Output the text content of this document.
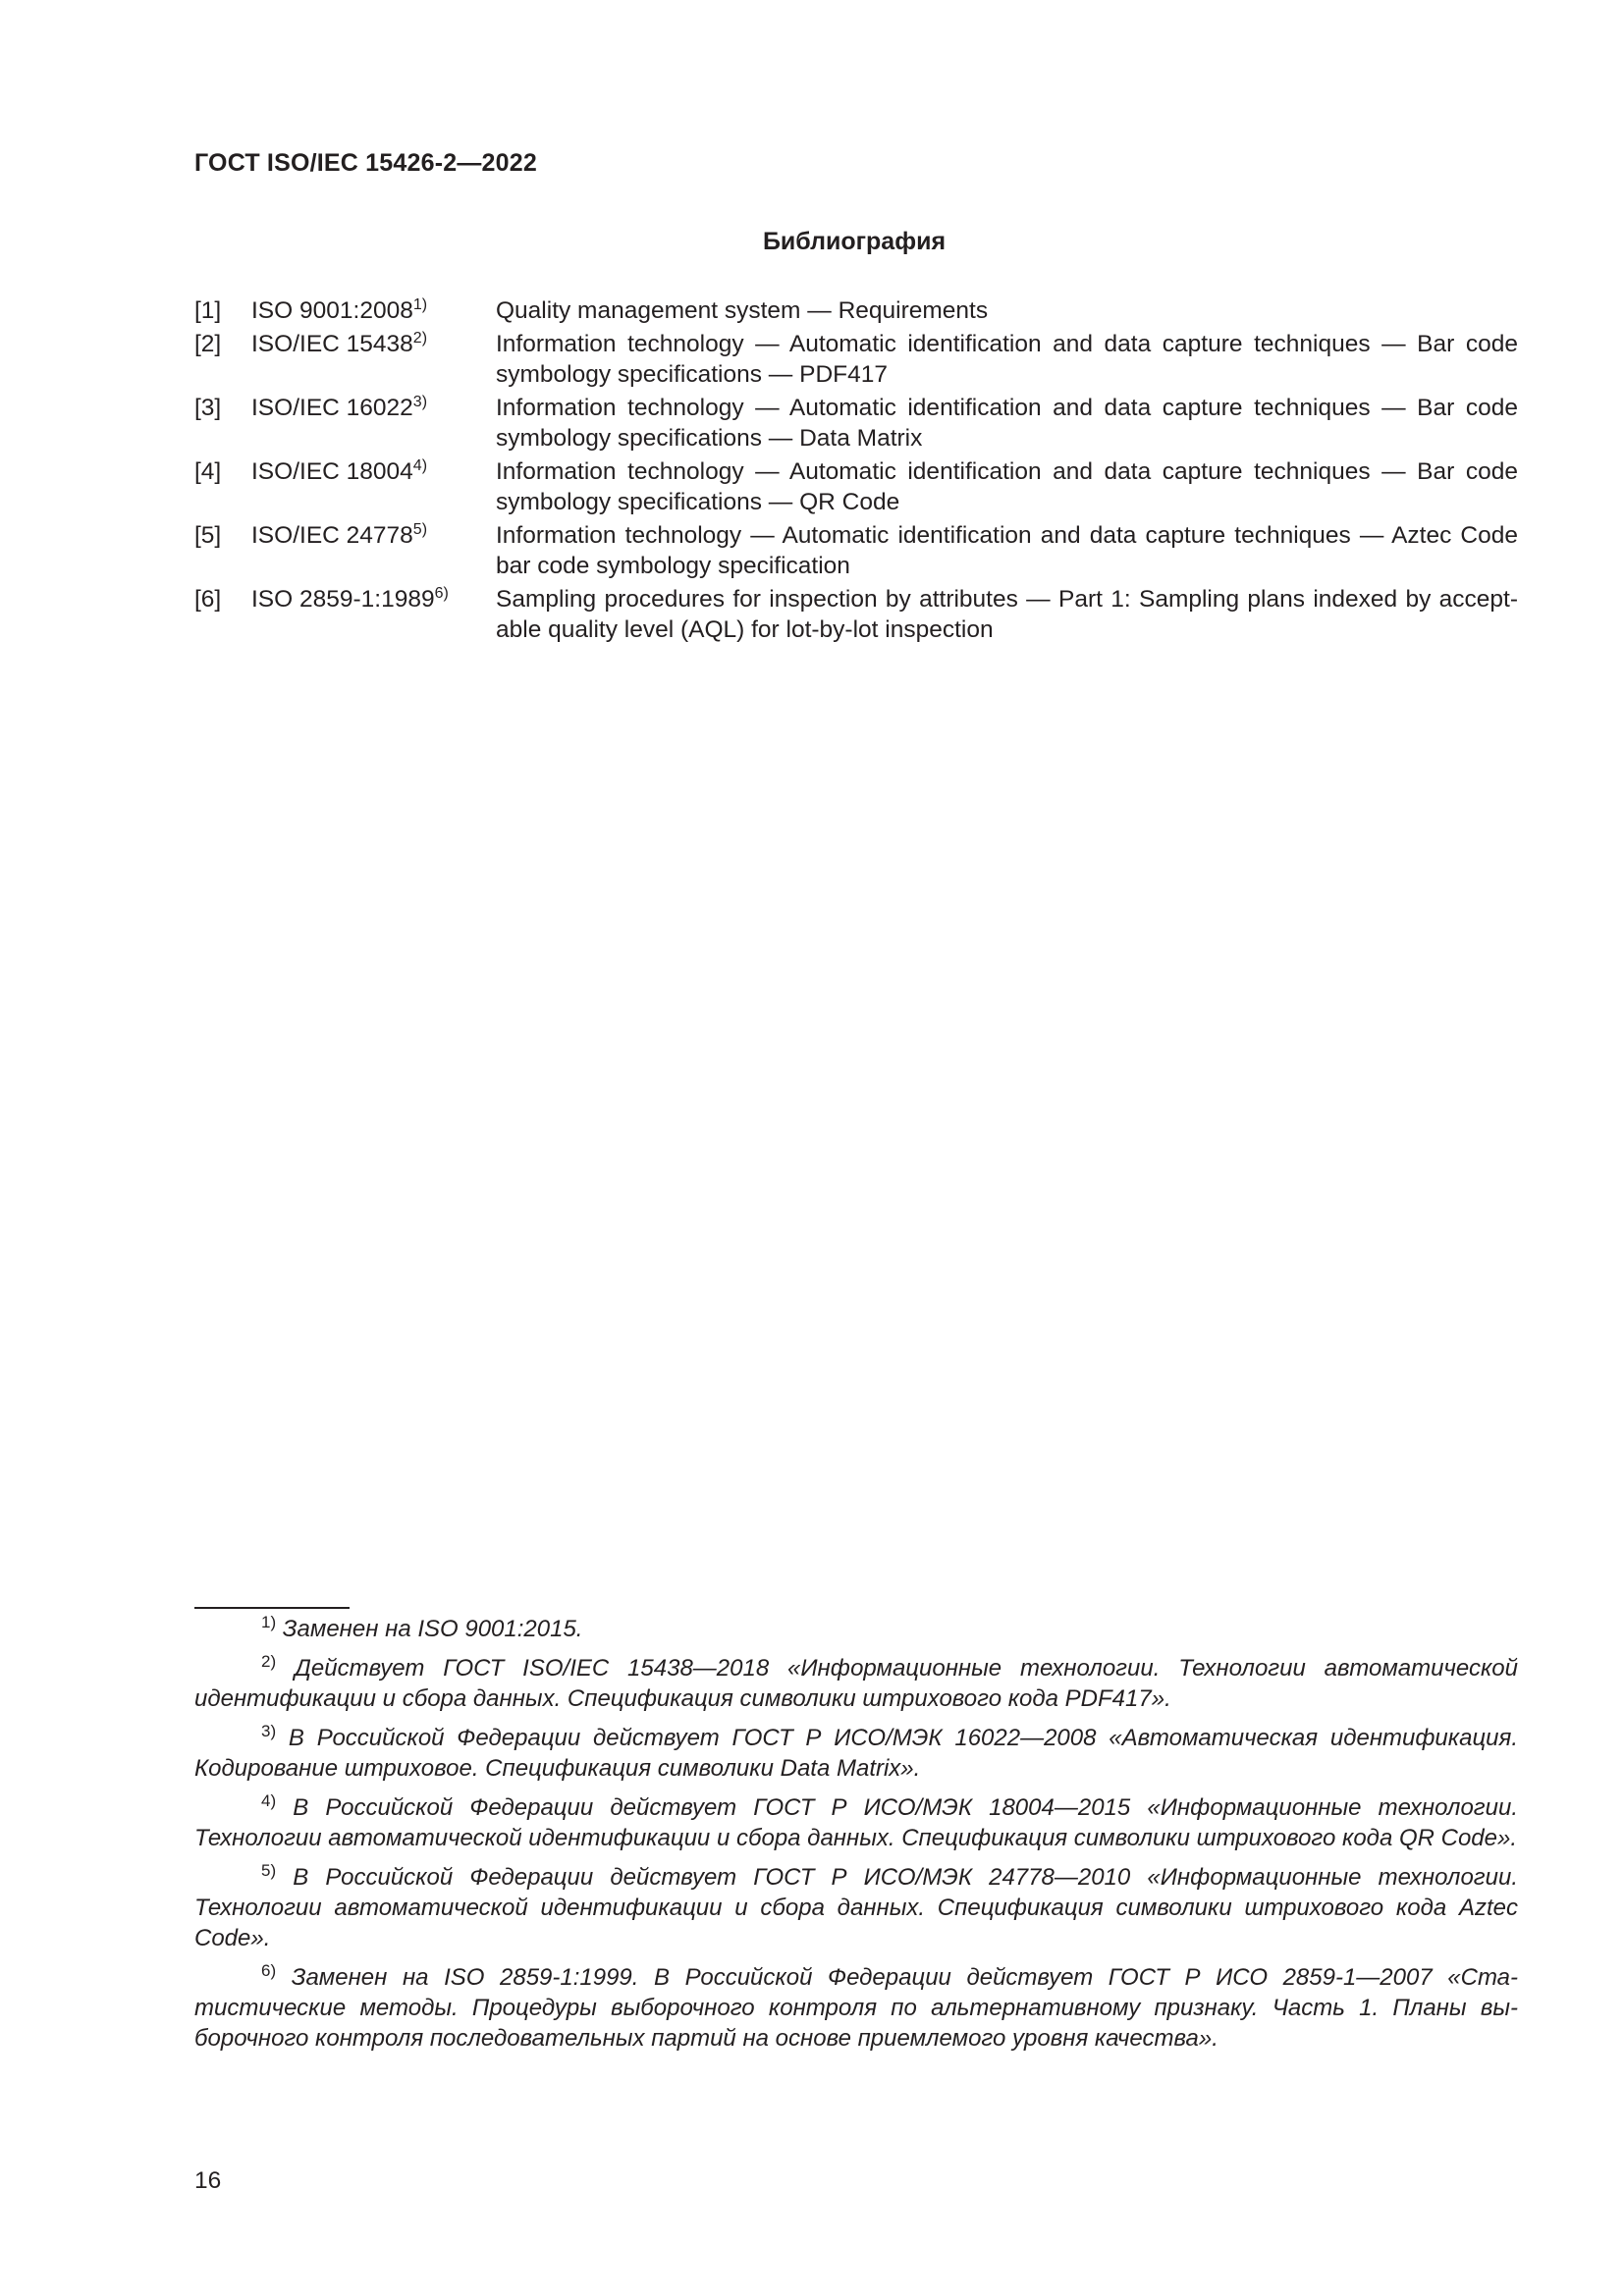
ГОСТ ISO/IEC 15426-2—2022
Библиография
[1]	ISO 9001:2008$^{1)}$	Quality management system — Requirements
[2]	ISO/IEC 15438$^{2)}$	Information technology — Automatic identification and data capture techniques — Bar code symbology specifications — PDF417
[3]	ISO/IEC 16022$^{3)}$	Information technology — Automatic identification and data capture techniques — Bar code symbology specifications — Data Matrix
[4]	ISO/IEC 18004$^{4)}$	Information technology — Automatic identification and data capture techniques — Bar code symbology specifications — QR Code
[5]	ISO/IEC 24778$^{5)}$	Information technology — Automatic identification and data capture techniques — Aztec Code bar code symbology specification
[6]	ISO 2859-1:1989$^{6)}$	Sampling procedures for inspection by attributes — Part 1: Sampling plans indexed by accept-able quality level (AQL) for lot-by-lot inspection
$^{1)}$ Заменен на ISO 9001:2015.
$^{2)}$ Действует ГОСТ ISO/IEC 15438—2018 «Информационные технологии. Технологии автоматической идентификации и сбора данных. Спецификация символики штрихового кода PDF417».
$^{3)}$ В Российской Федерации действует ГОСТ Р ИСО/МЭК 16022—2008 «Автоматическая идентификация. Кодирование штриховое. Спецификация символики Data Matrix».
$^{4)}$ В Российской Федерации действует ГОСТ Р ИСО/МЭК 18004—2015 «Информационные технологии. Технологии автоматической идентификации и сбора данных. Спецификация символики штрихового кода QR Code».
$^{5)}$ В Российской Федерации действует ГОСТ Р ИСО/МЭК 24778—2010 «Информационные технологии. Технологии автоматической идентификации и сбора данных. Спецификация символики штрихового кода Aztec Code».
$^{6)}$ Заменен на ISO 2859-1:1999. В Российской Федерации действует ГОСТ Р ИСО 2859-1—2007 «Ста-тистические методы. Процедуры выборочного контроля по альтернативному признаку. Часть 1. Планы вы-борочного контроля последовательных партий на основе приемлемого уровня качества».
16
